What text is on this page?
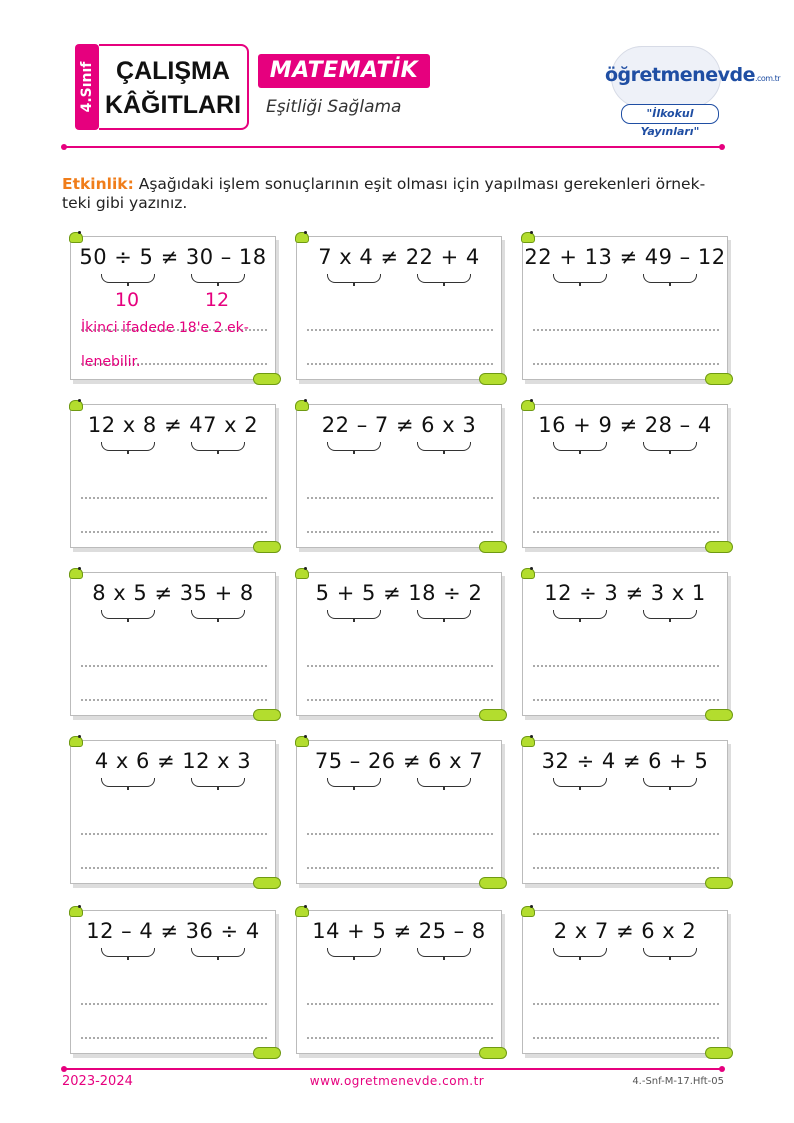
4.Sınıf ÇALIŞMA
KÂĞITLARI
MATEMATİK
Eşitliği Sağlama
öğretmenevde.com.tr
"İlkokul Yayınları"
Etkinlik: Aşağıdaki işlem sonuçlarının eşit olması için yapılması gerekenleri örnek-teki gibi yazınız.
50 ÷ 5 ≠ 30 – 18
10	12
İkinci ifadede 18'e 2 ek-
lenebilir.
7 x 4 ≠ 22 + 4	22 + 13 ≠ 49 – 12
12 x 8 ≠ 47 x 2	22 – 7 ≠ 6 x 3	16 + 9 ≠ 28 – 4
8 x 5 ≠ 35 + 8	5 + 5 ≠ 18 ÷ 2	12 ÷ 3 ≠ 3 x 1
4 x 6 ≠ 12 x 3	75 – 26 ≠ 6 x 7	32 ÷ 4 ≠ 6 + 5
12 – 4 ≠ 36 ÷ 4	14 + 5 ≠ 25 – 8	2 x 7 ≠ 6 x 2
2023-2024	www.ogretmenevde.com.tr	4.-Snf-M-17.Hft-05
